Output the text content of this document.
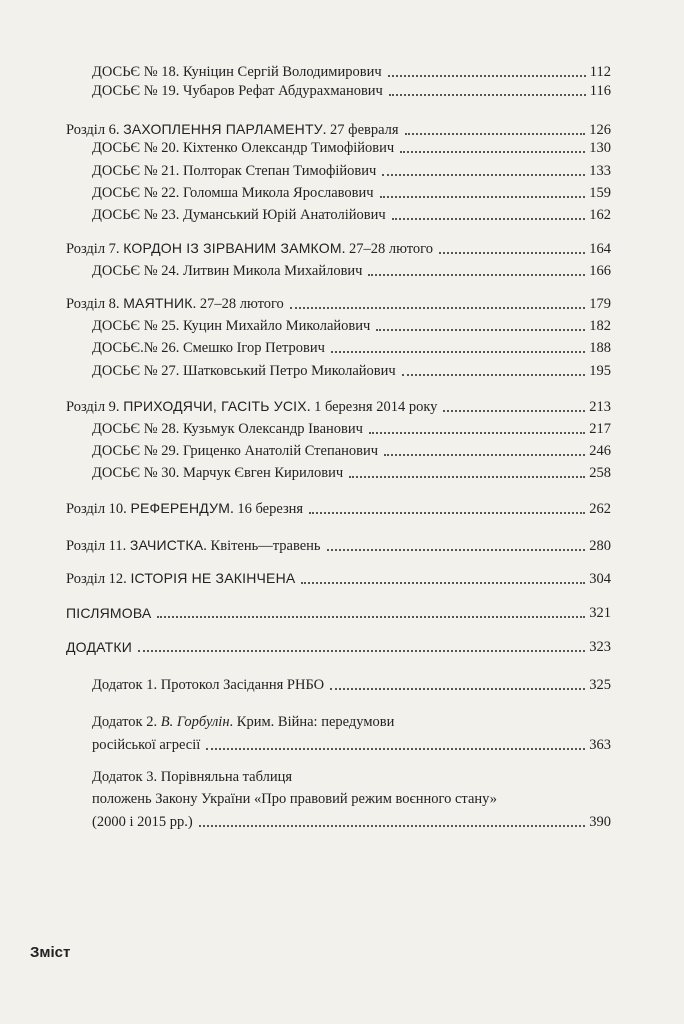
ДОСЬЄ № 18. Куніцин Сергій Володимирович	112
ДОСЬЄ № 19. Чубаров Рефат Абдурахманович	116
Розділ 6. ЗАХОПЛЕННЯ ПАРЛАМЕНТУ. 27 февраля	126
ДОСЬЄ № 20. Кіхтенко Олександр Тимофійович	130
ДОСЬЄ № 21. Полторак Степан Тимофійович	133
ДОСЬЄ № 22. Голомша Микола Ярославович	159
ДОСЬЄ № 23. Думанський Юрій Анатолійович	162
Розділ 7. КОРДОН ІЗ ЗІРВАНИМ ЗАМКОМ. 27–28 лютого	164
ДОСЬЄ № 24. Литвин Микола Михайлович	166
Розділ 8. МАЯТНИК. 27–28 лютого	179
ДОСЬЄ № 25. Куцин Михайло Миколайович	182
ДОСЬЄ.№ 26. Смешко Ігор Петрович	188
ДОСЬЄ № 27. Шатковський Петро Миколайович	195
Розділ 9. ПРИХОДЯЧИ, ГАСІТЬ УСІХ. 1 березня 2014 року	213
ДОСЬЄ № 28. Кузьмук Олександр Іванович	217
ДОСЬЄ № 29. Гриценко Анатолій Степанович	246
ДОСЬЄ № 30. Марчук Євген Кирилович	258
Розділ 10. РЕФЕРЕНДУМ. 16 березня	262
Розділ 11. ЗАЧИСТКА. Квітень—травень	280
Розділ 12. ІСТОРІЯ НЕ ЗАКІНЧЕНА	304
ПІСЛЯМОВА	321
ДОДАТКИ	323
Додаток 1. Протокол Засідання РНБО	325
Додаток 2. В. Горбулін. Крим. Війна: передумови
російської агресії	363
Додаток 3. Порівняльна таблиця
положень Закону України «Про правовий режим воєнного стану»
(2000 і 2015 рр.)	390
Зміст
